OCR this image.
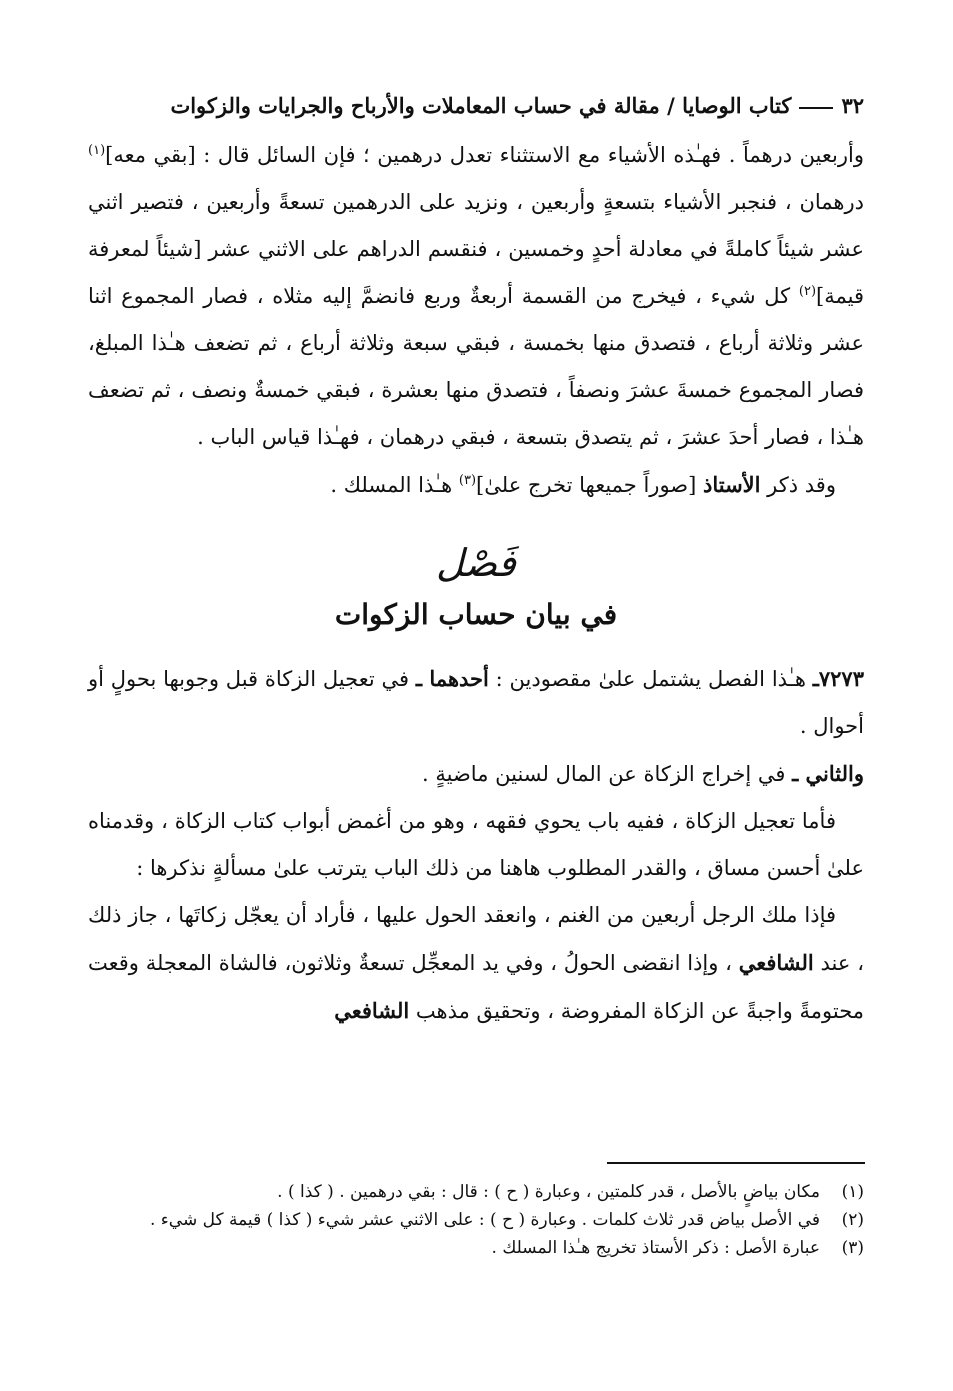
٣٢كتاب الوصايا / مقالة في حساب المعاملات والأرباح والجرايات والزكوات

وأربعين درهماً . فهـٰذه الأشياء مع الاستثناء تعدل درهمين ؛ فإن السائل قال : [بقي معه]$^{(١)}$ درهمان ، فنجبر الأشياء بتسعةٍ وأربعين ، ونزيد على الدرهمين تسعةً وأربعين ، فتصير اثني عشر شيئاً كاملةً في معادلة أحدٍ وخمسين ، فنقسم الدراهم على الاثني عشر [شيئاً لمعرفة قيمة]$^{(٢)}$ كل شيء ، فيخرج من القسمة أربعةٌ وربع فانضمَّ إليه مثلاه ، فصار المجموع اثنا عشر وثلاثة أرباع ، فتصدق منها بخمسة ، فبقي سبعة وثلاثة أرباع ، ثم تضعف هـٰذا المبلغ، فصار المجموع خمسةَ عشرَ ونصفاً ، فتصدق منها بعشرة ، فبقي خمسةٌ ونصف ، ثم تضعف هـٰذا ، فصار أحدَ عشرَ ، ثم يتصدق بتسعة ، فبقي درهمان ، فهـٰذا قياس الباب .

وقد ذكر الأستاذ [صوراً جميعها تخرج علىٰ]$^{(٣)}$ هـٰذا المسلك .

فَصْل
في بيان حساب الزكوات

٧٢٧٣ـ هـٰذا الفصل يشتمل علىٰ مقصودين : أحدهما ـ في تعجيل الزكاة قبل وجوبها بحولٍ أو أحوال .

والثاني ـ في إخراج الزكاة عن المال لسنين ماضيةٍ .

فأما تعجيل الزكاة ، ففيه باب يحوي فقهه ، وهو من أغمض أبواب كتاب الزكاة ، وقدمناه علىٰ أحسن مساق ، والقدر المطلوب هاهنا من ذلك الباب يترتب علىٰ مسألةٍ نذكرها :

فإذا ملك الرجل أربعين من الغنم ، وانعقد الحول عليها ، فأراد أن يعجّل زكاتَها ، جاز ذلك ، عند الشافعي ، وإذا انقضى الحولُ ، وفي يد المعجِّل تسعةٌ وثلاثون، فالشاة المعجلة وقعت محتومةً واجبةً عن الزكاة المفروضة ، وتحقيق مذهب الشافعي

(١)
مكان بياضٍ بالأصل ، قدر كلمتين ، وعبارة ( ح ) : قال : بقي درهمين . ( كذا ) .
(٢)
في الأصل بياض قدر ثلاث كلمات . وعبارة ( ح ) : على الاثني عشر شيء ( كذا ) قيمة كل شيء .
(٣)
عبارة الأصل : ذكر الأستاذ تخريج هـٰذا المسلك .
